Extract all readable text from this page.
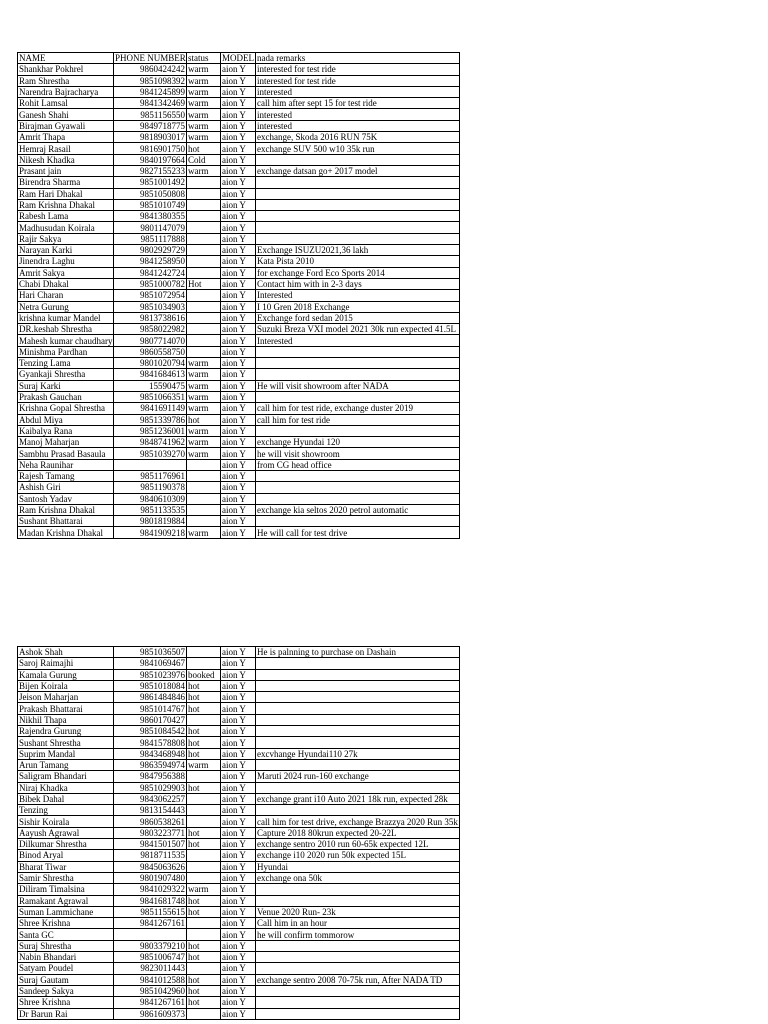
NAME	PHONE NUMBER	status	MODEL	nada remarks
Shankhar Pokhrel	9860424242	warm	aion Y	interested for test ride
Ram Shrestha	9851098392	warm	aion Y	interested for test ride
Narendra Bajracharya	9841245899	warm	aion Y	interested
Rohit Lamsal	9841342469	warm	aion Y	call him after sept 15 for test ride
Ganesh Shahi	9851156550	warm	aion Y	interested
Birajman Gyawali	9849718775	warm	aion Y	interested
Amrit Thapa	9818903017	warm	aion Y	exchange, Skoda 2016 RUN 75K
Hemraj Rasail	9816901750	hot	aion Y	exchange SUV 500 w10 35k run
Nikesh Khadka	9840197664	Cold	aion Y	
Prasant jain	9827155233	warm	aion Y	exchange datsan go+ 2017 model
Birendra Sharma	9851001492		aion Y	
Ram Hari Dhakal	9851050808		aion Y	
Ram Krishna Dhakal	9851010749		aion Y	
Rabesh Lama	9841380355		aion Y	
Madhusudan Koirala	9801147079		aion Y	
Rajir Sakya	9851117888		aion Y	
Narayan Karki	9802929729		aion Y	Exchange ISUZU2021,36 lakh
Jinendra Laghu	9841258950		aion Y	Kata Pista 2010
Amrit Sakya	9841242724		aion Y	for exchange Ford Eco Sports 2014
Chabi Dhakal	9851000782	Hot	aion Y	Contact him with in 2-3 days
Hari Charan	9851072954		aion Y	Interested
Netra Gurung	9851034903		aion Y	I 10 Gren 2018 Exchange
krishna kumar Mandel	9813738616		aion Y	Exchange ford sedan 2015
DR.keshab Shrestha	9858022982		aion Y	Suzuki Breza VXI model 2021 30k run expected 41.5L
Mahesh kumar chaudhary	9807714070		aion Y	Interested
Minishma Pardhan	9860558750		aion Y	
Tenzing Lama	9801020794	warm	aion Y	
Gyankaji Shrestha	9841684613	warm	aion Y	
Suraj Karki	15590475	warm	aion Y	He will visit showroom after NADA
Prakash Gauchan	9851066351	warm	aion Y	
Krishna Gopal Shrestha	9841691149	warm	aion Y	call him for test ride, exchange duster 2019
Abdul Miya	9851339786	hot	aion Y	call him for test ride
Kaibalya Rana	9851236001	warm	aion Y	
Manoj Maharjan	9848741962	warm	aion Y	exchange Hyundai 120
Sambhu Prasad Basaula	9851039270	warm	aion Y	he will visit showroom
Neha Raunihar			aion Y	from CG head office
Rajesh Tamang	9851176961		aion Y	
Ashish Giri	9851190378		aion Y	
Santosh Yadav	9840610309		aion Y	
Ram Krishna Dhakal	9851133535		aion Y	exchange kia seltos 2020 petrol automatic
Sushant Bhattarai	9801819884		aion Y	
Madan Krishna Dhakal	9841909218	warm	aion Y	He will call for test drive
Ashok Shah	9851036507		aion Y	He is palnning to purchase on Dashain
Saroj Raimajhi	9841069467		aion Y	
Kamala Gurung	9851023976	booked	aion Y	
Bijen Koirala	9851018084	hot	aion Y	
Jeison Maharjan	9861484846	hot	aion Y	
Prakash Bhattarai	9851014767	hot	aion Y	
Nikhil Thapa	9860170427		aion Y	
Rajendra Gurung	9851084542	hot	aion Y	
Sushant Shrestha	9841578808	hot	aion Y	
Suprim Mandal	9843468948	hot	aion Y	excvhange Hyundai110 27k
Arun Tamang	9863594974	warm	aion Y	
Saligram Bhandari	9847956388		aion Y	Maruti 2024 run-160 exchange
Niraj Khadka	9851029903	hot	aion Y	
Bibek Dahal	9843062257		aion Y	exchange grant i10 Auto 2021 18k run, expected 28k
Tenzing	9813154443		aion Y	
Sishir Koirala	9860538261		aion Y	call him for test drive, exchange Brazzya 2020 Run 35k
Aayush Agrawal	9803223771	hot	aion Y	Capture 2018 80krun expected 20-22L
Dilkumar Shrestha	9841501507	hot	aion Y	exchange sentro 2010 run 60-65k expected 12L
Binod Aryal	9818711535		aion Y	exchange i10 2020 run 50k expected 15L
Bharat Tiwar	9845063626		aion Y	Hyundai
Samir Shrestha	9801907480		aion Y	exchange ona 50k
Diliram Timalsina	9841029322	warm	aion Y	
Ramakant Agrawal	9841681748	hot	aion Y	
Suman Lammichane	9851155615	hot	aion Y	Venue 2020 Run- 23k
Shree Krishna	9841267161		aion Y	Call him in an hour
Santa GC			aion Y	he will confirm tommorow
Suraj Shrestha	9803379210	hot	aion Y	
Nabin Bhandari	9851006747	hot	aion Y	
Satyam Poudel	9823011443		aion Y	
Suraj Gautam	9841012588	hot	aion Y	exchange sentro 2008 70-75k run, After NADA TD
Sandeep Sakya	9851042960	hot	aion Y	
Shree Krishna	9841267161	hot	aion Y	
Dr Barun Rai	9861609373		aion Y	
